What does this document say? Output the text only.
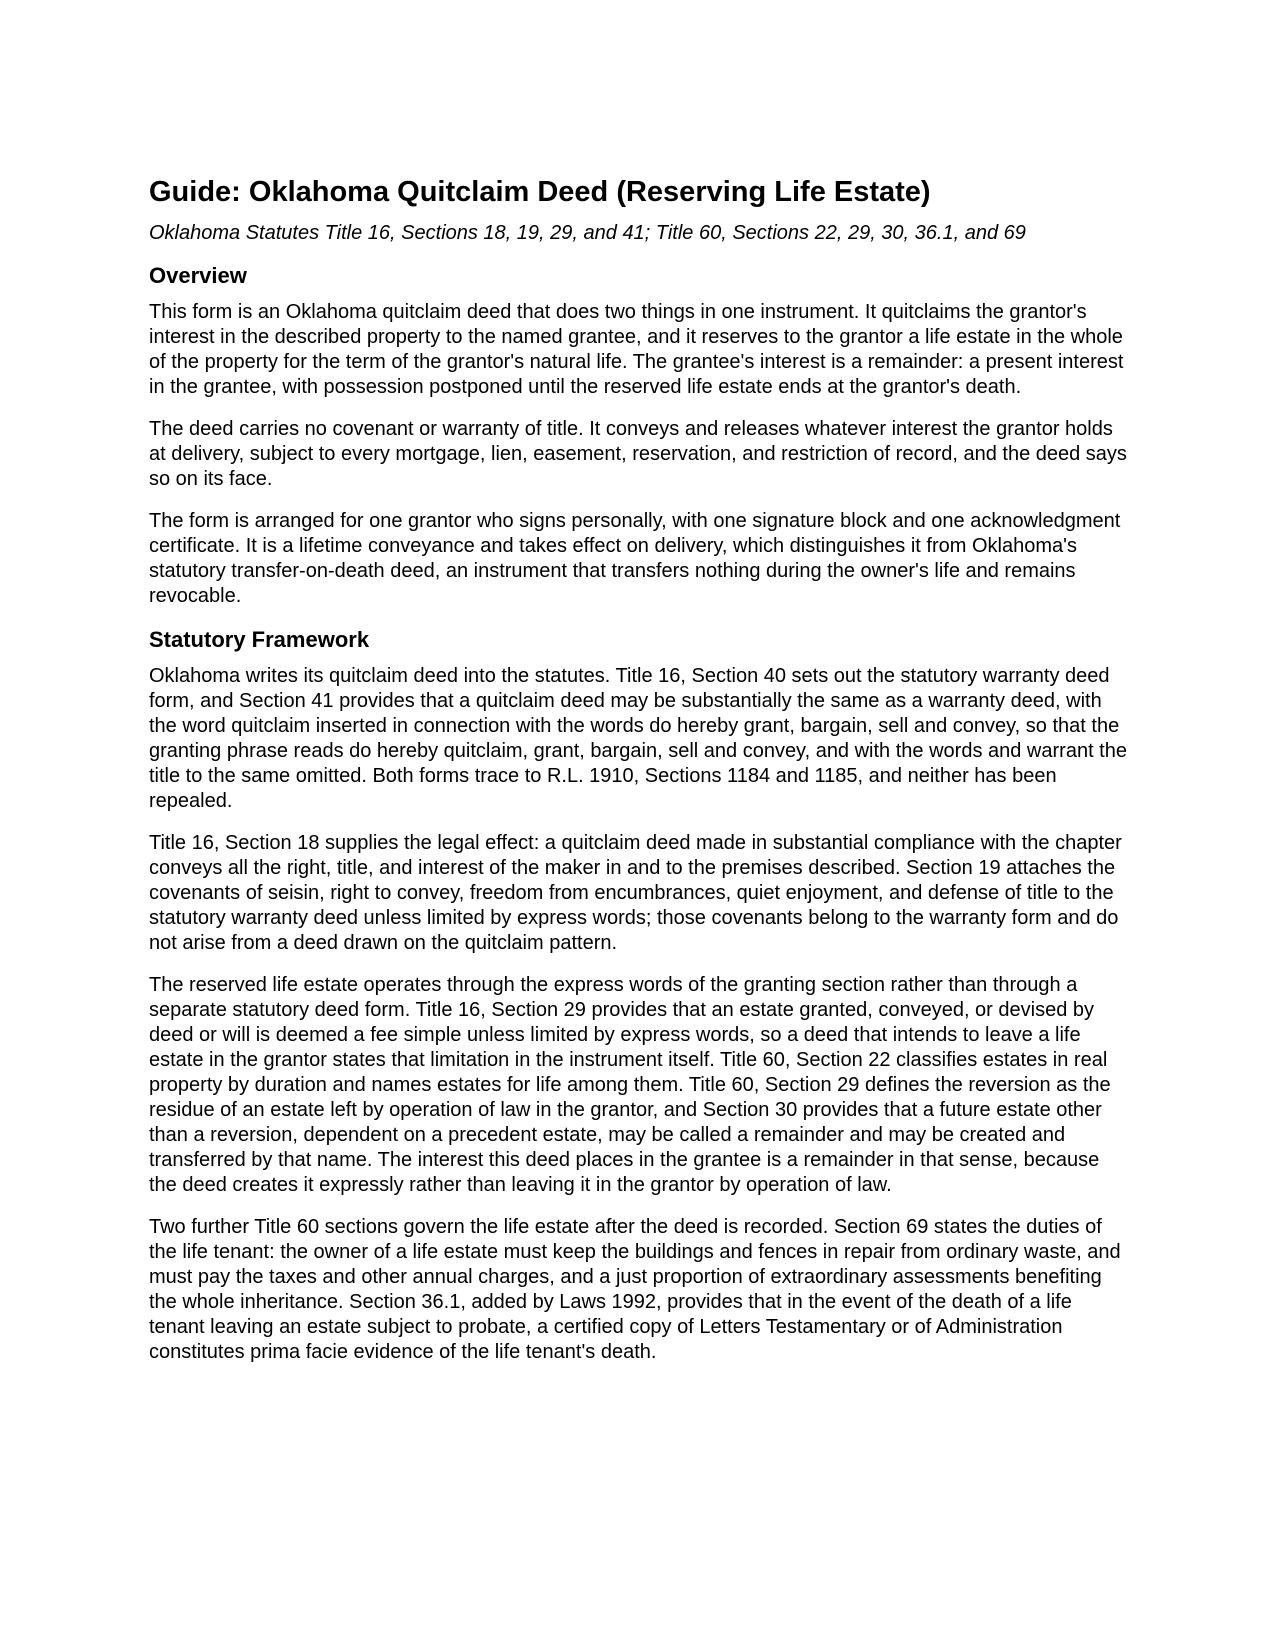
Guide: Oklahoma Quitclaim Deed (Reserving Life Estate)
Oklahoma Statutes Title 16, Sections 18, 19, 29, and 41; Title 60, Sections 22, 29, 30, 36.1, and 69
Overview

This form is an Oklahoma quitclaim deed that does two things in one instrument. It quitclaims the grantor's interest in the described property to the named grantee, and it reserves to the grantor a life estate in the whole of the property for the term of the grantor's natural life. The grantee's interest is a remainder: a present interest in the grantee, with possession postponed until the reserved life estate ends at the grantor's death.

The deed carries no covenant or warranty of title. It conveys and releases whatever interest the grantor holds at delivery, subject to every mortgage, lien, easement, reservation, and restriction of record, and the deed says so on its face.

The form is arranged for one grantor who signs personally, with one signature block and one acknowledgment certificate. It is a lifetime conveyance and takes effect on delivery, which distinguishes it from Oklahoma's statutory transfer-on-death deed, an instrument that transfers nothing during the owner's life and remains revocable.

Statutory Framework

Oklahoma writes its quitclaim deed into the statutes. Title 16, Section 40 sets out the statutory warranty deed form, and Section 41 provides that a quitclaim deed may be substantially the same as a warranty deed, with the word quitclaim inserted in connection with the words do hereby grant, bargain, sell and convey, so that the granting phrase reads do hereby quitclaim, grant, bargain, sell and convey, and with the words and warrant the title to the same omitted. Both forms trace to R.L. 1910, Sections 1184 and 1185, and neither has been repealed.

Title 16, Section 18 supplies the legal effect: a quitclaim deed made in substantial compliance with the chapter conveys all the right, title, and interest of the maker in and to the premises described. Section 19 attaches the covenants of seisin, right to convey, freedom from encumbrances, quiet enjoyment, and defense of title to the statutory warranty deed unless limited by express words; those covenants belong to the warranty form and do not arise from a deed drawn on the quitclaim pattern.

The reserved life estate operates through the express words of the granting section rather than through a separate statutory deed form. Title 16, Section 29 provides that an estate granted, conveyed, or devised by deed or will is deemed a fee simple unless limited by express words, so a deed that intends to leave a life estate in the grantor states that limitation in the instrument itself. Title 60, Section 22 classifies estates in real property by duration and names estates for life among them. Title 60, Section 29 defines the reversion as the residue of an estate left by operation of law in the grantor, and Section 30 provides that a future estate other than a reversion, dependent on a precedent estate, may be called a remainder and may be created and transferred by that name. The interest this deed places in the grantee is a remainder in that sense, because the deed creates it expressly rather than leaving it in the grantor by operation of law.

Two further Title 60 sections govern the life estate after the deed is recorded. Section 69 states the duties of the life tenant: the owner of a life estate must keep the buildings and fences in repair from ordinary waste, and must pay the taxes and other annual charges, and a just proportion of extraordinary assessments benefiting the whole inheritance. Section 36.1, added by Laws 1992, provides that in the event of the death of a life tenant leaving an estate subject to probate, a certified copy of Letters Testamentary or of Administration constitutes prima facie evidence of the life tenant's death.
